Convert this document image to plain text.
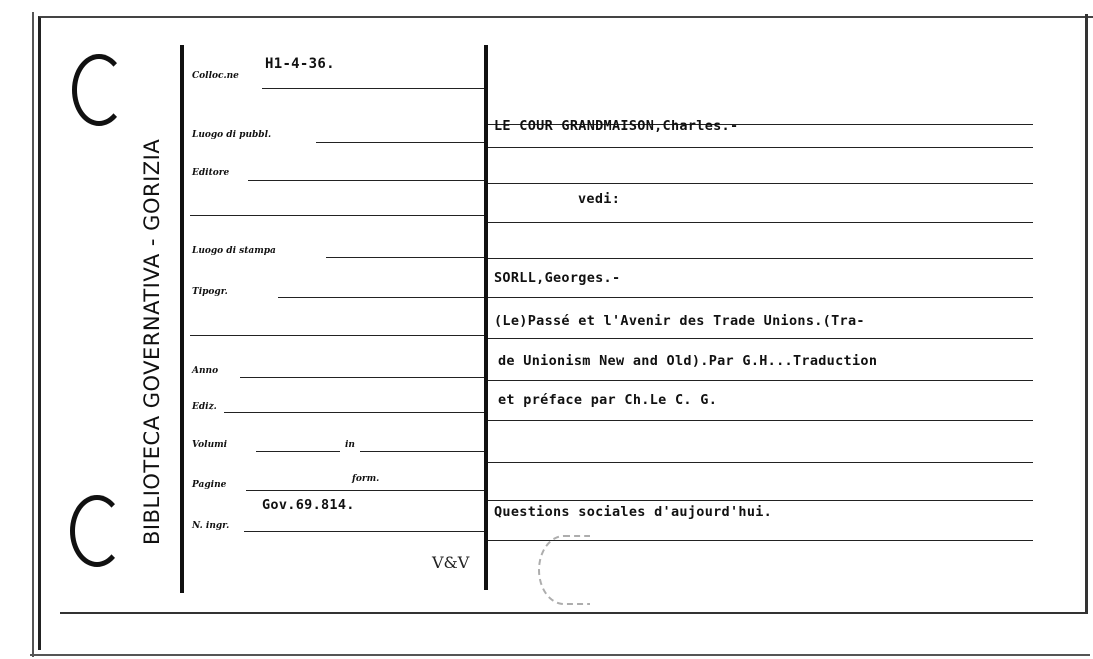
BIBLIOTECA GOVERNATIVA - GORIZIA
Colloc.ne
H1-4-36.
Luogo di pubbl.
Editore
Luogo di stampa
Tipogr.
Anno
Ediz.
Volumi	in
Pagine
form.
Gov.69.814.
N. ingr.
V&V
LE COUR GRANDMAISON,Charles.-
vedi:
SORLL,Georges.-
(Le)Passé et l'Avenir des Trade Unions.(Tra-
de Unionism New and Old).Par G.H...Traduction
et préface par Ch.Le C. G.
Questions sociales d'aujourd'hui.
